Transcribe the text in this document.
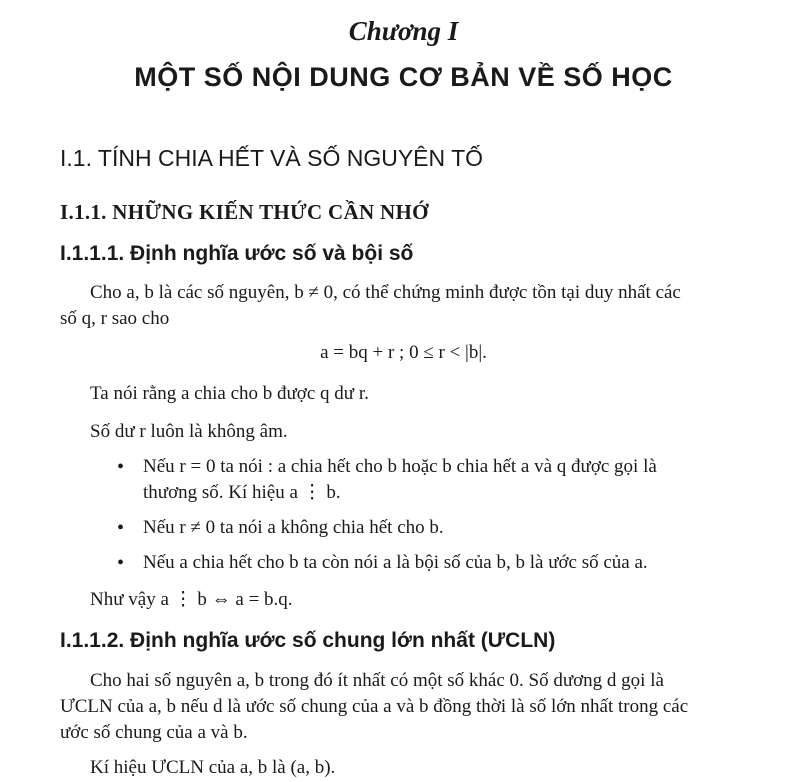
Chương I
MỘT SỐ NỘI DUNG CƠ BẢN VỀ SỐ HỌC
I.1. TÍNH CHIA HẾT VÀ SỐ NGUYÊN TỐ
I.1.1. NHỮNG KIẾN THỨC CẦN NHỚ
I.1.1.1. Định nghĩa ước số và bội số
Cho a, b là các số nguyên, b ≠ 0, có thể chứng minh được tồn tại duy nhất các
số q, r sao cho
a = bq + r ; 0 ≤ r < |b|.
Ta nói rằng a chia cho b được q dư r.
Số dư r luôn là không âm.
• Nếu r = 0 ta nói : a chia hết cho b hoặc b chia hết a và q được gọi là
thương số. Kí hiệu a ⋮ b.
• Nếu r ≠ 0 ta nói a không chia hết cho b.
• Nếu a chia hết cho b ta còn nói a là bội số của b, b là ước số của a.
Như vậy a ⋮ b ⇔ a = b.q.
I.1.1.2. Định nghĩa ước số chung lớn nhất (ƯCLN)
Cho hai số nguyên a, b trong đó ít nhất có một số khác 0. Số dương d gọi là
ƯCLN của a, b nếu d là ước số chung của a và b đồng thời là số lớn nhất trong các
ước số chung của a và b.
Kí hiệu ƯCLN của a, b là (a, b).
